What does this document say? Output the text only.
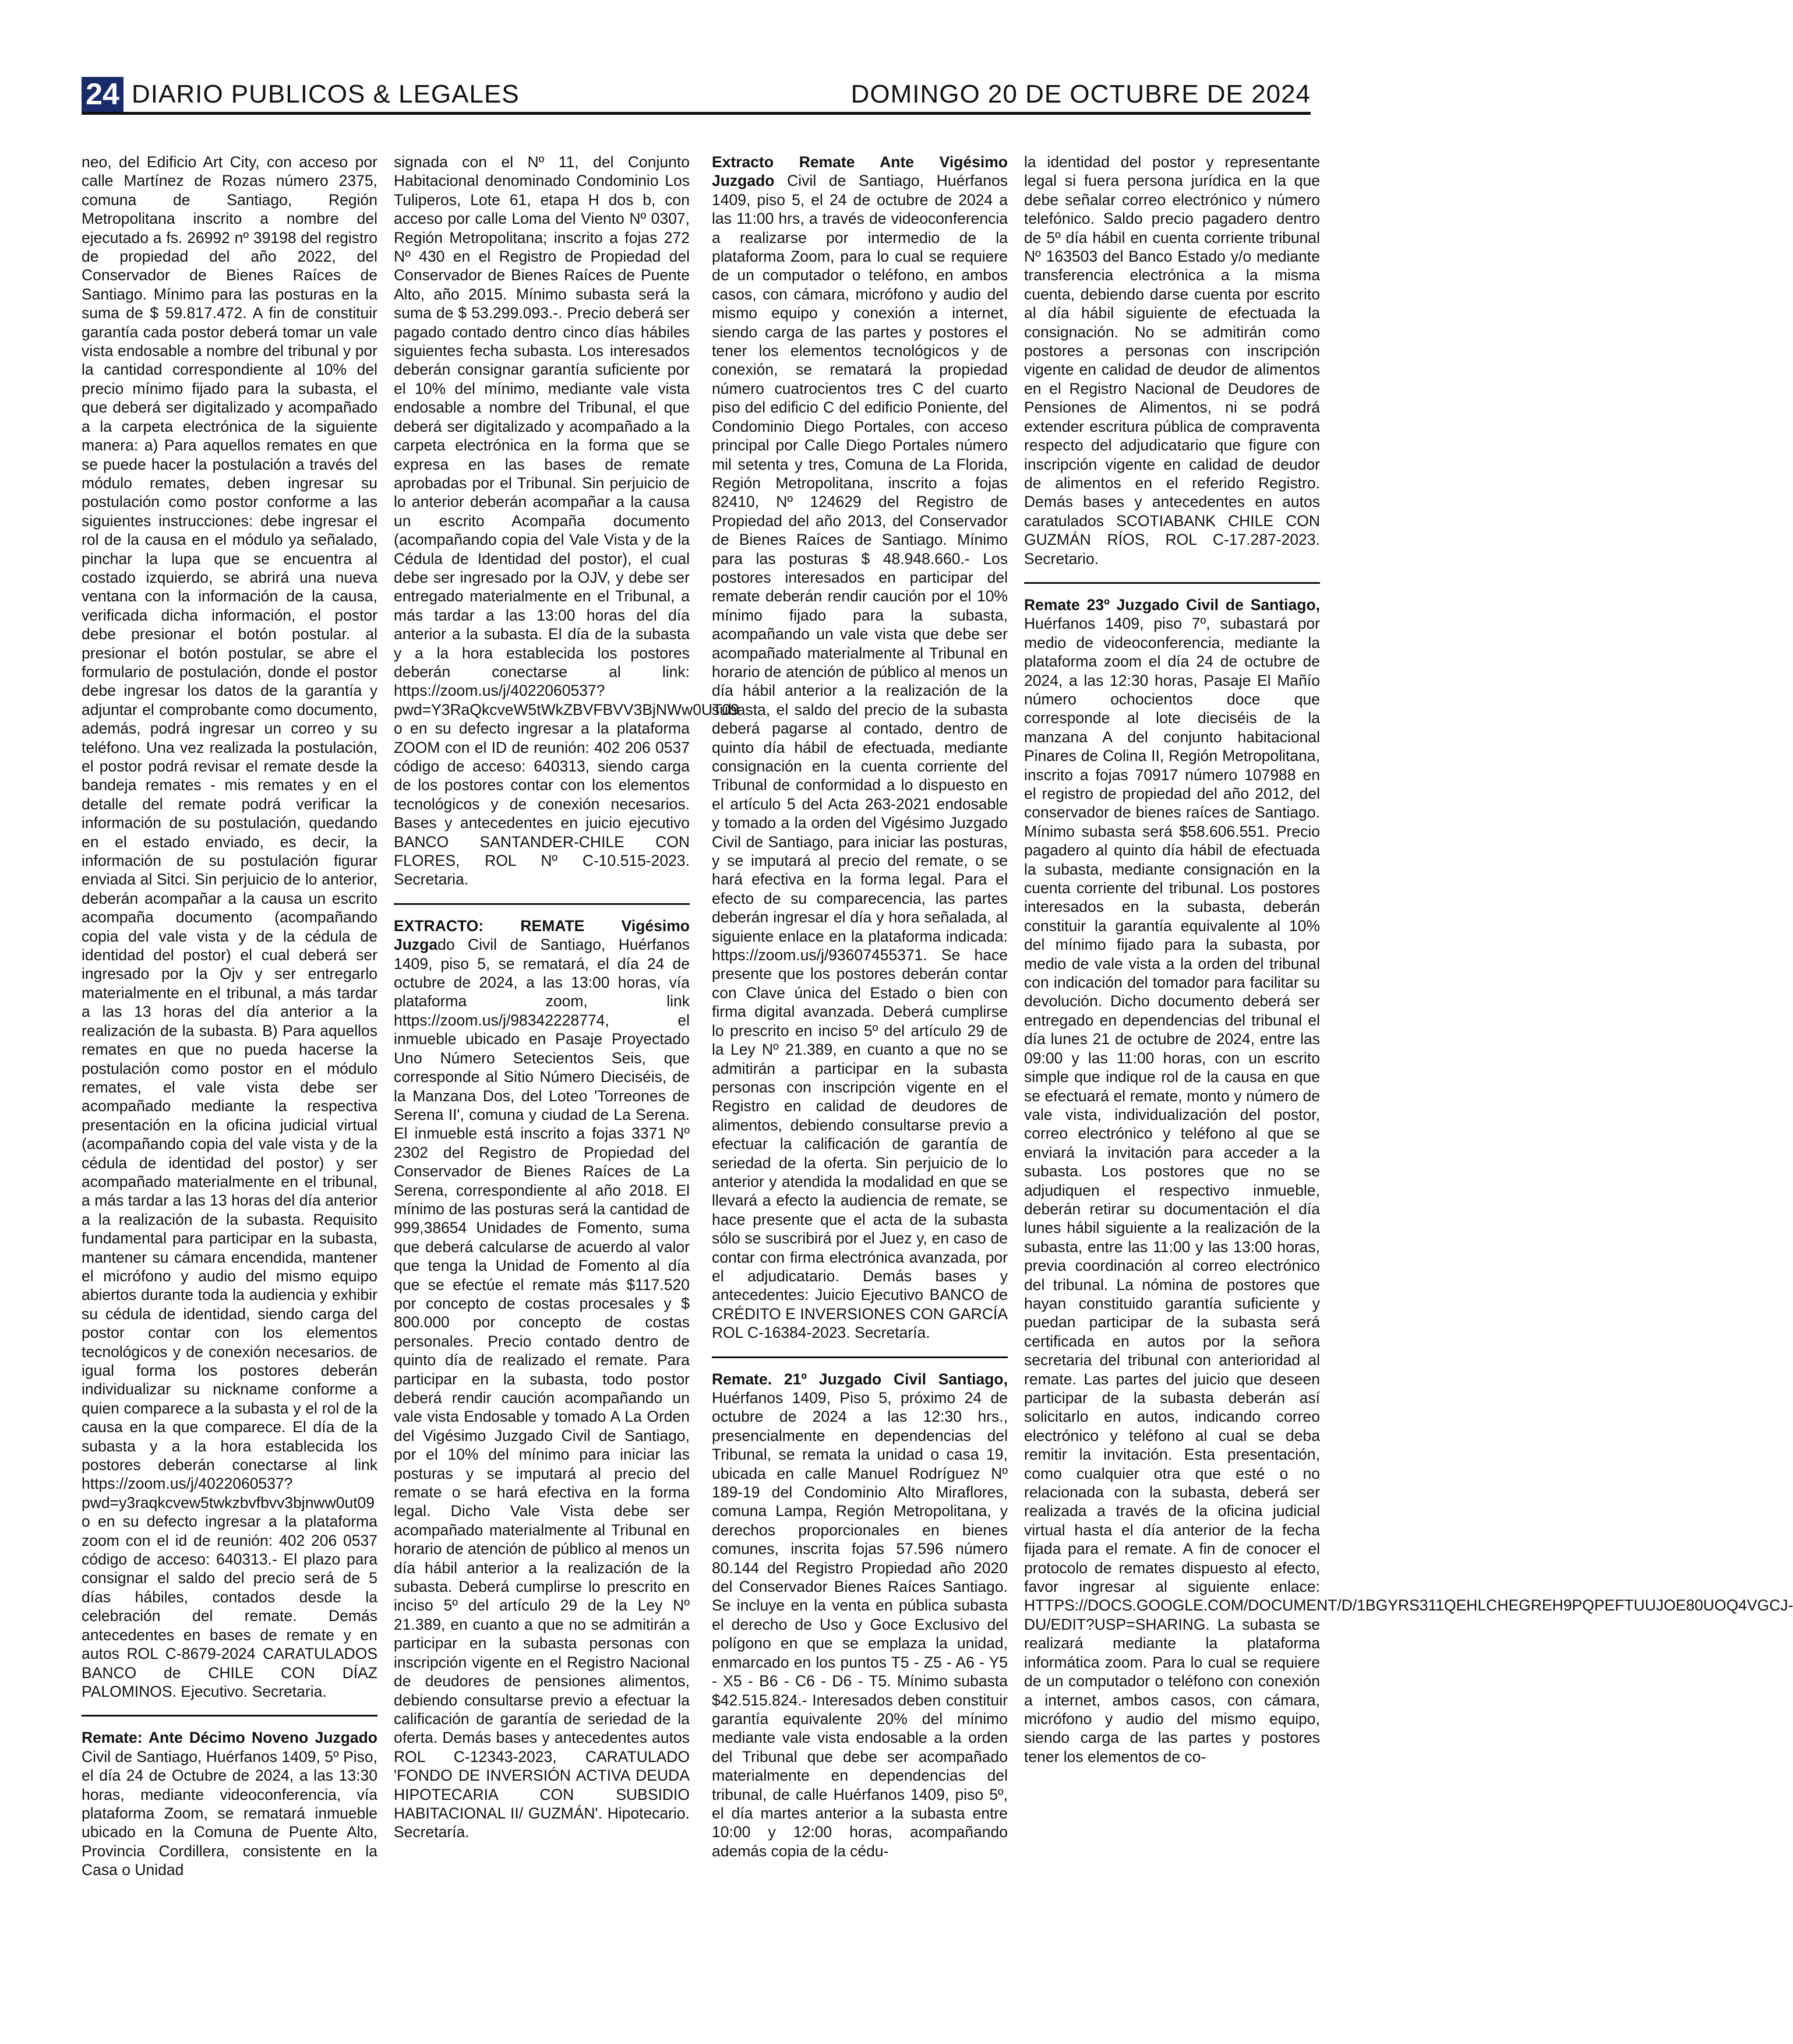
24 DIARIO PUBLICOS & LEGALES	DOMINGO 20 DE OCTUBRE DE 2024

neo, del Edificio Art City, con acceso por calle Martínez de Rozas número 2375, comuna de Santiago, Región Metropolitana inscrito a nombre del ejecutado a fs. 26992 nº 39198 del registro de propiedad del año 2022, del Conservador de Bienes Raíces de Santiago. Mínimo para las posturas en la suma de $ 59.817.472. A fin de constituir garantía cada postor deberá tomar un vale vista endosable a nombre del tribunal y por la cantidad correspondiente al 10% del precio mínimo fijado para la subasta, el que deberá ser digitalizado y acompañado a la carpeta electrónica de la siguiente manera: a) Para aquellos remates en que se puede hacer la postulación a través del módulo remates, deben ingresar su postulación como postor conforme a las siguientes instrucciones: debe ingresar el rol de la causa en el módulo ya señalado, pinchar la lupa que se encuentra al costado izquierdo, se abrirá una nueva ventana con la información de la causa, verificada dicha información, el postor debe presionar el botón postular. al presionar el botón postular, se abre el formulario de postulación, donde el postor debe ingresar los datos de la garantía y adjuntar el comprobante como documento, además, podrá ingresar un correo y su teléfono. Una vez realizada la postulación, el postor podrá revisar el remate desde la bandeja remates - mis remates y en el detalle del remate podrá verificar la información de su postulación, quedando en el estado enviado, es decir, la información de su postulación figurar enviada al Sitci. Sin perjuicio de lo anterior, deberán acompañar a la causa un escrito acompaña documento (acompañando copia del vale vista y de la cédula de identidad del postor) el cual deberá ser ingresado por la Ojv y ser entregarlo materialmente en el tribunal, a más tardar a las 13 horas del día anterior a la realización de la subasta. B) Para aquellos remates en que no pueda hacerse la postulación como postor en el módulo remates, el vale vista debe ser acompañado mediante la respectiva presentación en la oficina judicial virtual (acompañando copia del vale vista y de la cédula de identidad del postor) y ser acompañado materialmente en el tribunal, a más tardar a las 13 horas del día anterior a la realización de la subasta. Requisito fundamental para participar en la subasta, mantener su cámara encendida, mantener el micrófono y audio del mismo equipo abiertos durante toda la audiencia y exhibir su cédula de identidad, siendo carga del postor contar con los elementos tecnológicos y de conexión necesarios. de igual forma los postores deberán individualizar su nickname conforme a quien comparece a la subasta y el rol de la causa en la que comparece. El día de la subasta y a la hora establecida los postores deberán conectarse al link https://zoom.us/j/4022060537?pwd=y3raqkcvew5twkzbvfbvv3bjnww0ut09 o en su defecto ingresar a la plataforma zoom con el id de reunión: 402 206 0537 código de acceso: 640313.- El plazo para consignar el saldo del precio será de 5 días hábiles, contados desde la celebración del remate. Demás antecedentes en bases de remate y en autos ROL C-8679-2024 CARATULADOS BANCO de CHILE CON DÍAZ PALOMINOS. Ejecutivo. Secretaria.

Remate: Ante Décimo Noveno Juzgado Civil de Santiago, Huérfanos 1409, 5º Piso, el día 24 de Octubre de 2024, a las 13:30 horas, mediante videoconferencia, vía plataforma Zoom, se rematará inmueble ubicado en la Comuna de Puente Alto, Provincia Cordillera, consistente en la Casa o Unidad

signada con el Nº 11, del Conjunto Habitacional denominado Condominio Los Tuliperos, Lote 61, etapa H dos b, con acceso por calle Loma del Viento Nº 0307, Región Metropolitana; inscrito a fojas 272 Nº 430 en el Registro de Propiedad del Conservador de Bienes Raíces de Puente Alto, año 2015. Mínimo subasta será la suma de $ 53.299.093.-. Precio deberá ser pagado contado dentro cinco días hábiles siguientes fecha subasta. Los interesados deberán consignar garantía suficiente por el 10% del mínimo, mediante vale vista endosable a nombre del Tribunal, el que deberá ser digitalizado y acompañado a la carpeta electrónica en la forma que se expresa en las bases de remate aprobadas por el Tribunal. Sin perjuicio de lo anterior deberán acompañar a la causa un escrito Acompaña documento (acompañando copia del Vale Vista y de la Cédula de Identidad del postor), el cual debe ser ingresado por la OJV, y debe ser entregado materialmente en el Tribunal, a más tardar a las 13:00 horas del día anterior a la subasta. El día de la subasta y a la hora establecida los postores deberán conectarse al link: https://zoom.us/j/4022060537?pwd=Y3RaQkcveW5tWkZBVFBVV3BjNWw0UT09 o en su defecto ingresar a la plataforma ZOOM con el ID de reunión: 402 206 0537 código de acceso: 640313, siendo carga de los postores contar con los elementos tecnológicos y de conexión necesarios. Bases y antecedentes en juicio ejecutivo BANCO SANTANDER-CHILE CON FLORES, ROL Nº C-10.515-2023. Secretaria.

EXTRACTO: REMATE Vigésimo Juzgado Civil de Santiago, Huérfanos 1409, piso 5, se rematará, el día 24 de octubre de 2024, a las 13:00 horas, vía plataforma zoom, link https://zoom.us/j/98342228774, el inmueble ubicado en Pasaje Proyectado Uno Número Setecientos Seis, que corresponde al Sitio Número Dieciséis, de la Manzana Dos, del Loteo 'Torreones de Serena II', comuna y ciudad de La Serena. El inmueble está inscrito a fojas 3371 Nº 2302 del Registro de Propiedad del Conservador de Bienes Raíces de La Serena, correspondiente al año 2018. El mínimo de las posturas será la cantidad de 999,38654 Unidades de Fomento, suma que deberá calcularse de acuerdo al valor que tenga la Unidad de Fomento al día que se efectúe el remate más $117.520 por concepto de costas procesales y $ 800.000 por concepto de costas personales. Precio contado dentro de quinto día de realizado el remate. Para participar en la subasta, todo postor deberá rendir caución acompañando un vale vista Endosable y tomado A La Orden del Vigésimo Juzgado Civil de Santiago, por el 10% del mínimo para iniciar las posturas y se imputará al precio del remate o se hará efectiva en la forma legal. Dicho Vale Vista debe ser acompañado materialmente al Tribunal en horario de atención de público al menos un día hábil anterior a la realización de la subasta. Deberá cumplirse lo prescrito en inciso 5º del artículo 29 de la Ley Nº 21.389, en cuanto a que no se admitirán a participar en la subasta personas con inscripción vigente en el Registro Nacional de deudores de pensiones alimentos, debiendo consultarse previo a efectuar la calificación de garantía de seriedad de la oferta. Demás bases y antecedentes autos ROL C-12343-2023, CARATULADO 'FONDO DE INVERSIÓN ACTIVA DEUDA HIPOTECARIA CON SUBSIDIO HABITACIONAL II/ GUZMÁN'. Hipotecario. Secretaría.

Extracto Remate Ante Vigésimo Juzgado Civil de Santiago, Huérfanos 1409, piso 5, el 24 de octubre de 2024 a las 11:00 hrs, a través de videoconferencia a realizarse por intermedio de la plataforma Zoom, para lo cual se requiere de un computador o teléfono, en ambos casos, con cámara, micrófono y audio del mismo equipo y conexión a internet, siendo carga de las partes y postores el tener los elementos tecnológicos y de conexión, se rematará la propiedad número cuatrocientos tres C del cuarto piso del edificio C del edificio Poniente, del Condominio Diego Portales, con acceso principal por Calle Diego Portales número mil setenta y tres, Comuna de La Florida, Región Metropolitana, inscrito a fojas 82410, Nº 124629 del Registro de Propiedad del año 2013, del Conservador de Bienes Raíces de Santiago. Mínimo para las posturas $ 48.948.660.- Los postores interesados en participar del remate deberán rendir caución por el 10% mínimo fijado para la subasta, acompañando un vale vista que debe ser acompañado materialmente al Tribunal en horario de atención de público al menos un día hábil anterior a la realización de la subasta, el saldo del precio de la subasta deberá pagarse al contado, dentro de quinto día hábil de efectuada, mediante consignación en la cuenta corriente del Tribunal de conformidad a lo dispuesto en el artículo 5 del Acta 263-2021 endosable y tomado a la orden del Vigésimo Juzgado Civil de Santiago, para iniciar las posturas, y se imputará al precio del remate, o se hará efectiva en la forma legal. Para el efecto de su comparecencia, las partes deberán ingresar el día y hora señalada, al siguiente enlace en la plataforma indicada: https://zoom.us/j/93607455371. Se hace presente que los postores deberán contar con Clave única del Estado o bien con firma digital avanzada. Deberá cumplirse lo prescrito en inciso 5º del artículo 29 de la Ley Nº 21.389, en cuanto a que no se admitirán a participar en la subasta personas con inscripción vigente en el Registro en calidad de deudores de alimentos, debiendo consultarse previo a efectuar la calificación de garantía de seriedad de la oferta. Sin perjuicio de lo anterior y atendida la modalidad en que se llevará a efecto la audiencia de remate, se hace presente que el acta de la subasta sólo se suscribirá por el Juez y, en caso de contar con firma electrónica avanzada, por el adjudicatario. Demás bases y antecedentes: Juicio Ejecutivo BANCO de CRÉDITO E INVERSIONES CON GARCÍA ROL C-16384-2023. Secretaría.

Remate. 21º Juzgado Civil Santiago, Huérfanos 1409, Piso 5, próximo 24 de octubre de 2024 a las 12:30 hrs., presencialmente en dependencias del Tribunal, se remata la unidad o casa 19, ubicada en calle Manuel Rodríguez Nº 189-19 del Condominio Alto Miraflores, comuna Lampa, Región Metropolitana, y derechos proporcionales en bienes comunes, inscrita fojas 57.596 número 80.144 del Registro Propiedad año 2020 del Conservador Bienes Raíces Santiago. Se incluye en la venta en pública subasta el derecho de Uso y Goce Exclusivo del polígono en que se emplaza la unidad, enmarcado en los puntos T5 - Z5 - A6 - Y5 - X5 - B6 - C6 - D6 - T5. Mínimo subasta $42.515.824.- Interesados deben constituir garantía equivalente 20% del mínimo mediante vale vista endosable a la orden del Tribunal que debe ser acompañado materialmente en dependencias del tribunal, de calle Huérfanos 1409, piso 5º, el día martes anterior a la subasta entre 10:00 y 12:00 horas, acompañando además copia de la cédu-

la identidad del postor y representante legal si fuera persona jurídica en la que debe señalar correo electrónico y número telefónico. Saldo precio pagadero dentro de 5º día hábil en cuenta corriente tribunal Nº 163503 del Banco Estado y/o mediante transferencia electrónica a la misma cuenta, debiendo darse cuenta por escrito al día hábil siguiente de efectuada la consignación. No se admitirán como postores a personas con inscripción vigente en calidad de deudor de alimentos en el Registro Nacional de Deudores de Pensiones de Alimentos, ni se podrá extender escritura pública de compraventa respecto del adjudicatario que figure con inscripción vigente en calidad de deudor de alimentos en el referido Registro. Demás bases y antecedentes en autos caratulados SCOTIABANK CHILE CON GUZMÁN RÍOS, ROL C-17.287-2023. Secretario.

Remate 23º Juzgado Civil de Santiago, Huérfanos 1409, piso 7º, subastará por medio de videoconferencia, mediante la plataforma zoom el día 24 de octubre de 2024, a las 12:30 horas, Pasaje El Mañío número ochocientos doce que corresponde al lote dieciséis de la manzana A del conjunto habitacional Pinares de Colina II, Región Metropolitana, inscrito a fojas 70917 número 107988 en el registro de propiedad del año 2012, del conservador de bienes raíces de Santiago. Mínimo subasta será $58.606.551. Precio pagadero al quinto día hábil de efectuada la subasta, mediante consignación en la cuenta corriente del tribunal. Los postores interesados en la subasta, deberán constituir la garantía equivalente al 10% del mínimo fijado para la subasta, por medio de vale vista a la orden del tribunal con indicación del tomador para facilitar su devolución. Dicho documento deberá ser entregado en dependencias del tribunal el día lunes 21 de octubre de 2024, entre las 09:00 y las 11:00 horas, con un escrito simple que indique rol de la causa en que se efectuará el remate, monto y número de vale vista, individualización del postor, correo electrónico y teléfono al que se enviará la invitación para acceder a la subasta. Los postores que no se adjudiquen el respectivo inmueble, deberán retirar su documentación el día lunes hábil siguiente a la realización de la subasta, entre las 11:00 y las 13:00 horas, previa coordinación al correo electrónico del tribunal. La nómina de postores que hayan constituido garantía suficiente y puedan participar de la subasta será certificada en autos por la señora secretaria del tribunal con anterioridad al remate. Las partes del juicio que deseen participar de la subasta deberán así solicitarlo en autos, indicando correo electrónico y teléfono al cual se deba remitir la invitación. Esta presentación, como cualquier otra que esté o no relacionada con la subasta, deberá ser realizada a través de la oficina judicial virtual hasta el día anterior de la fecha fijada para el remate. A fin de conocer el protocolo de remates dispuesto al efecto, favor ingresar al siguiente enlace: HTTPS://DOCS.GOOGLE.COM/DOCUMENT/D/1BGYRS311QEHLCHEGREH9PQPEFTUUJOE80UOQ4VGCJ-DU/EDIT?USP=SHARING. La subasta se realizará mediante la plataforma informática zoom. Para lo cual se requiere de un computador o teléfono con conexión a internet, ambos casos, con cámara, micrófono y audio del mismo equipo, siendo carga de las partes y postores tener los elementos de co-
